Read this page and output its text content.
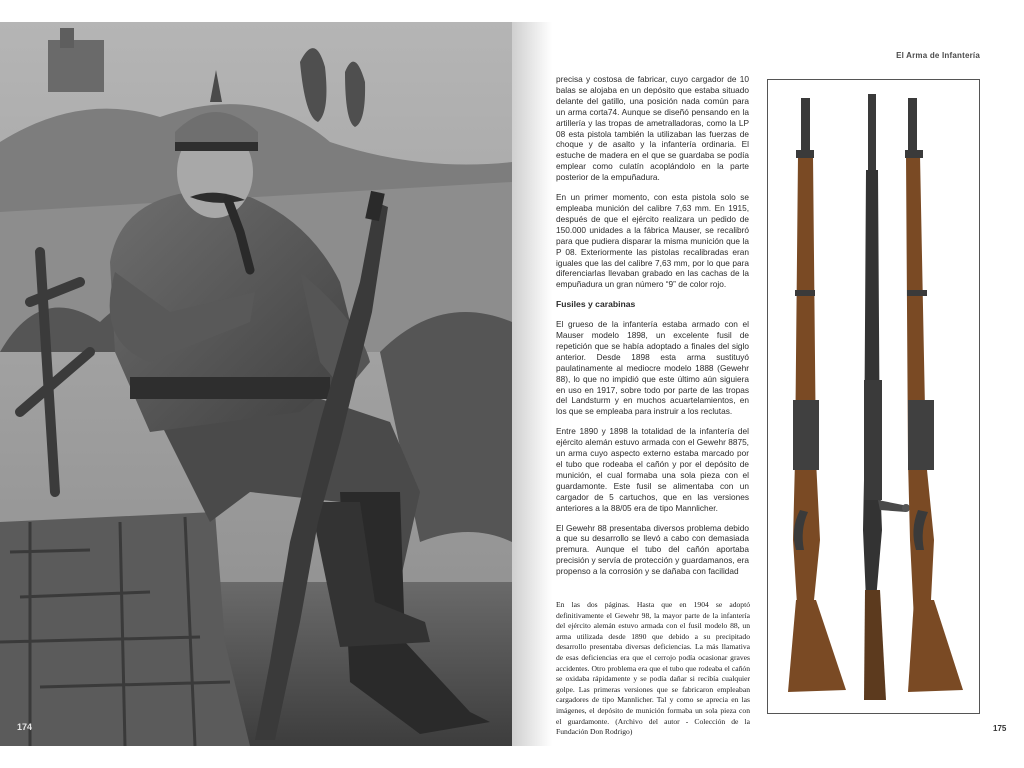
174
El Arma de Infantería

precisa y costosa de fabricar, cuyo cargador de 10 balas se alojaba en un depósito que estaba situado delante del gatillo, una posición nada común para un arma corta74. Aunque se diseñó pensando en la artillería y las tropas de ametralladoras, como la LP 08 esta pistola también la utilizaban las fuerzas de choque y de asalto y la infantería ordinaria. El estuche de madera en el que se guardaba se podía emplear como culatín acoplándolo en la parte posterior de la empuñadura.

En un primer momento, con esta pistola solo se empleaba munición del calibre 7,63 mm. En 1915, después de que el ejército realizara un pedido de 150.000 unidades a la fábrica Mauser, se recalibró para que pudiera disparar la misma munición que la P 08. Exteriormente las pistolas recalibradas eran iguales que las del calibre 7,63 mm, por lo que para diferenciarlas llevaban grabado en las cachas de la empuñadura un gran número “9” de color rojo.

Fusiles y carabinas

El grueso de la infantería estaba armado con el Mauser modelo 1898, un excelente fusil de repetición que se había adoptado a finales del siglo anterior. Desde 1898 esta arma sustituyó paulatinamente al mediocre modelo 1888 (Gewehr 88), lo que no impidió que este último aún siguiera en uso en 1917, sobre todo por parte de las tropas del Landsturm y en muchos acuartelamientos, en los que se empleaba para instruir a los reclutas.

Entre 1890 y 1898 la totalidad de la infantería del ejército alemán estuvo armada con el Gewehr 8875, un arma cuyo aspecto externo estaba marcado por el tubo que rodeaba el cañón y por el depósito de munición, el cual formaba una sola pieza con el guardamonte. Este fusil se alimentaba con un cargador de 5 cartuchos, que en las versiones anteriores a la 88/05 era de tipo Mannlicher.

El Gewehr 88 presentaba diversos problema debido a que su desarrollo se llevó a cabo con demasiada premura. Aunque el tubo del cañón aportaba precisión y servía de protección y guardamanos, era propenso a la corrosión y se dañaba con facilidad

En las dos páginas. Hasta que en 1904 se adoptó definitivamente el Gewehr 98, la mayor parte de la infantería del ejército alemán estuvo armada con el fusil modelo 88, un arma utilizada desde 1890 que debido a su precipitado desarrollo presentaba diversas deficiencias. La más llamativa de esas deficiencias era que el cerrojo podía ocasionar graves accidentes. Otro problema era que el tubo que rodeaba el cañón se oxidaba rápidamente y se podía dañar si recibía cualquier golpe. Las primeras versiones que se fabricaron empleaban cargadores de tipo Mannlicher. Tal y como se aprecia en las imágenes, el depósito de munición formaba un sola pieza con el guardamonte. (Archivo del autor - Colección de la Fundación Don Rodrigo)	175
